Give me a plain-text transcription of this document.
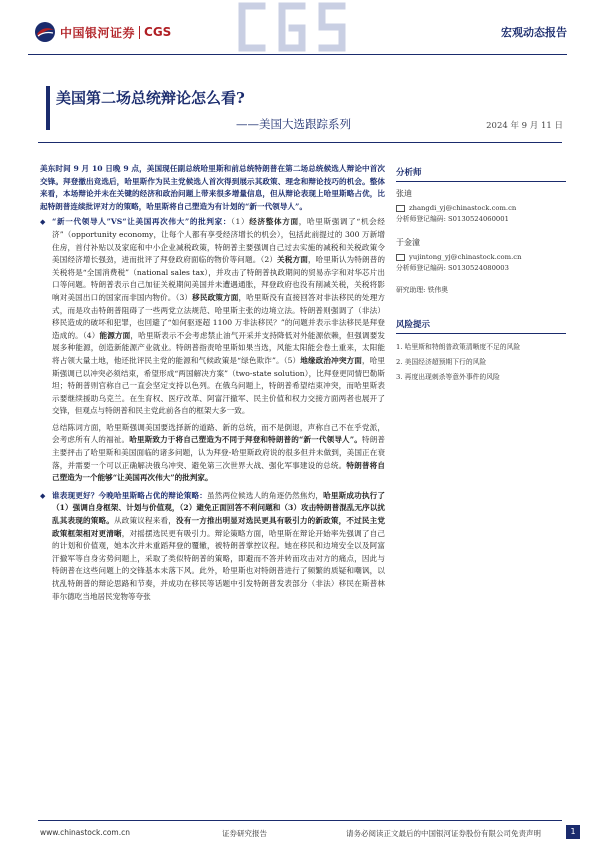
中国银河证券 CGS	宏观动态报告
美国第二场总统辩论怎么看?
——美国大选跟踪系列	2024 年 9 月 11 日

美东时间 9 月 10 日晚 9 点，美国现任副总统哈里斯和前总统特朗普在第二场总统候选人辩论中首次交锋。拜登撤出竞选后，哈里斯作为民主党候选人首次得到展示其政策、理念和辩论技巧的机会。整体来看，本场辩论并未在关键的经济和政治问题上带来很多增量信息，但从辩论表现上哈里斯略占优，比起特朗普连续批评对方的策略，哈里斯将自己塑造为有计划的“新一代领导人”。

◆ “新一代领导人”VS“让美国再次伟大”的批判家：（1）经济整体方面，哈里斯强调了“机会经济”（opportunity economy，让每个人都有享受经济增长的机会），包括此前提过的 300 万新增住房，首付补贴以及家庭和中小企业减税政策，特朗普主要强调自己过去实施的减税和关税政策令美国经济增长强劲，进而批评了拜登政府面临的物价等问题。（2）关税方面，哈里斯认为特朗普的关税将是“全国消费税”（national sales tax），并攻击了特朗普执政期间的贸易赤字和对华芯片出口等问题。特朗普表示自己加征关税期间美国并未遭遇通胀，拜登政府也没有削减关税，关税将影响对美国出口的国家而非国内物价。（3）移民政策方面，哈里斯没有直接回答对非法移民的处理方式，而是攻击特朗普阻碍了一些两党立法规范、哈里斯主张的边境立法。特朗普则强调了（非法）移民造成的破坏和犯罪，也回避了“如何驱逐超 1100 万非法移民？”的问题并表示非法移民是拜登造成的。（4）能源方面，哈里斯表示不会考虑禁止油气开采并支持降低对外能源依赖，但强调要发展多种能源，创造新能源产业就业。特朗普指责哈里斯如果当选，风能太阳能会卷土重来，太阳能将占领大量土地，他还批评民主党的能源和气候政策是“绿色欺诈”。（5）地缘政治冲突方面，哈里斯强调已以冲突必须结束，希望形成“两国解决方案”（two-state solution），比拜登更同情巴勒斯坦；特朗普则官称自己一直会坚定支持以色列。在俄乌问题上，特朗普希望结束冲突，而哈里斯表示要继续援助乌克兰。在生育权、医疗改革、阿富汗撤军、民主价值和权力交接方面两者也展开了交锋，但观点与特朗普和民主党此前各自的框架大多一致。

总结陈词方面，哈里斯强调美国要选择新的道路、新的总统，而不是倒退，声称自己不在乎党派，会考虑所有人的福祉。哈里斯致力于将自己塑造为不同于拜登和特朗普的“新一代领导人”。特朗普主要抨击了哈里斯和美国面临的诸多问题，认为拜登-哈里斯政府说的很多但并未做到，美国正在衰落，并需要一个可以正确解决俄乌冲突、避免第三次世界大战、强化军事建设的总统。特朗普将自己塑造为一个能够“让美国再次伟大”的批判家。

◆ 谁表现更好？今晚哈里斯略占优的辩论策略：虽然两位候选人的角逐仍然焦灼，哈里斯成功执行了（1）强调自身框架、计划与价值观，（2）避免正面回答不利问题和（3）攻击特朗普混乱无序以扰乱其表现的策略。从政策议程来看，没有一方推出明显对选民更具有吸引力的新政策，不过民主党政策框架相对更清晰，对摇摆选民更有吸引力。辩论策略方面，哈里斯在辩论开始率先强调了自己的计划和价值观，她本次并未重蹈拜登的覆辙，被特朗普掌控议程。她在移民和边境安全以及阿富汗撤军等自身劣势问题上，采取了类似特朗普的策略，即避而不答并转而攻击对方的痛点，因此与特朗普在这些问题上的交锋基本未落下风。此外，哈里斯也对特朗普进行了频繁的质疑和嘲讽，以扰乱特朗普的辩论思路和节奏，并成功在移民等话题中引发特朗普发表部分（非法）移民在斯普林菲尔德吃当地居民宠物等夸张

分析师
张迪
zhangdi_yj@chinastock.com.cn
分析师登记编码: S0130524060001
于金潼
yujintong_yj@chinastock.com.cn
分析师登记编码: S0130524080003
研究助理: 铁伟奥
风险提示
1. 哈里斯和特朗普政策清晰度不足的风险
2. 美国经济超预期下行的风险
3. 再度出现刺杀等意外事件的风险
www.chinastock.com.cn	证券研究报告	请务必阅读正文最后的中国银河证券股份有限公司免责声明	1
